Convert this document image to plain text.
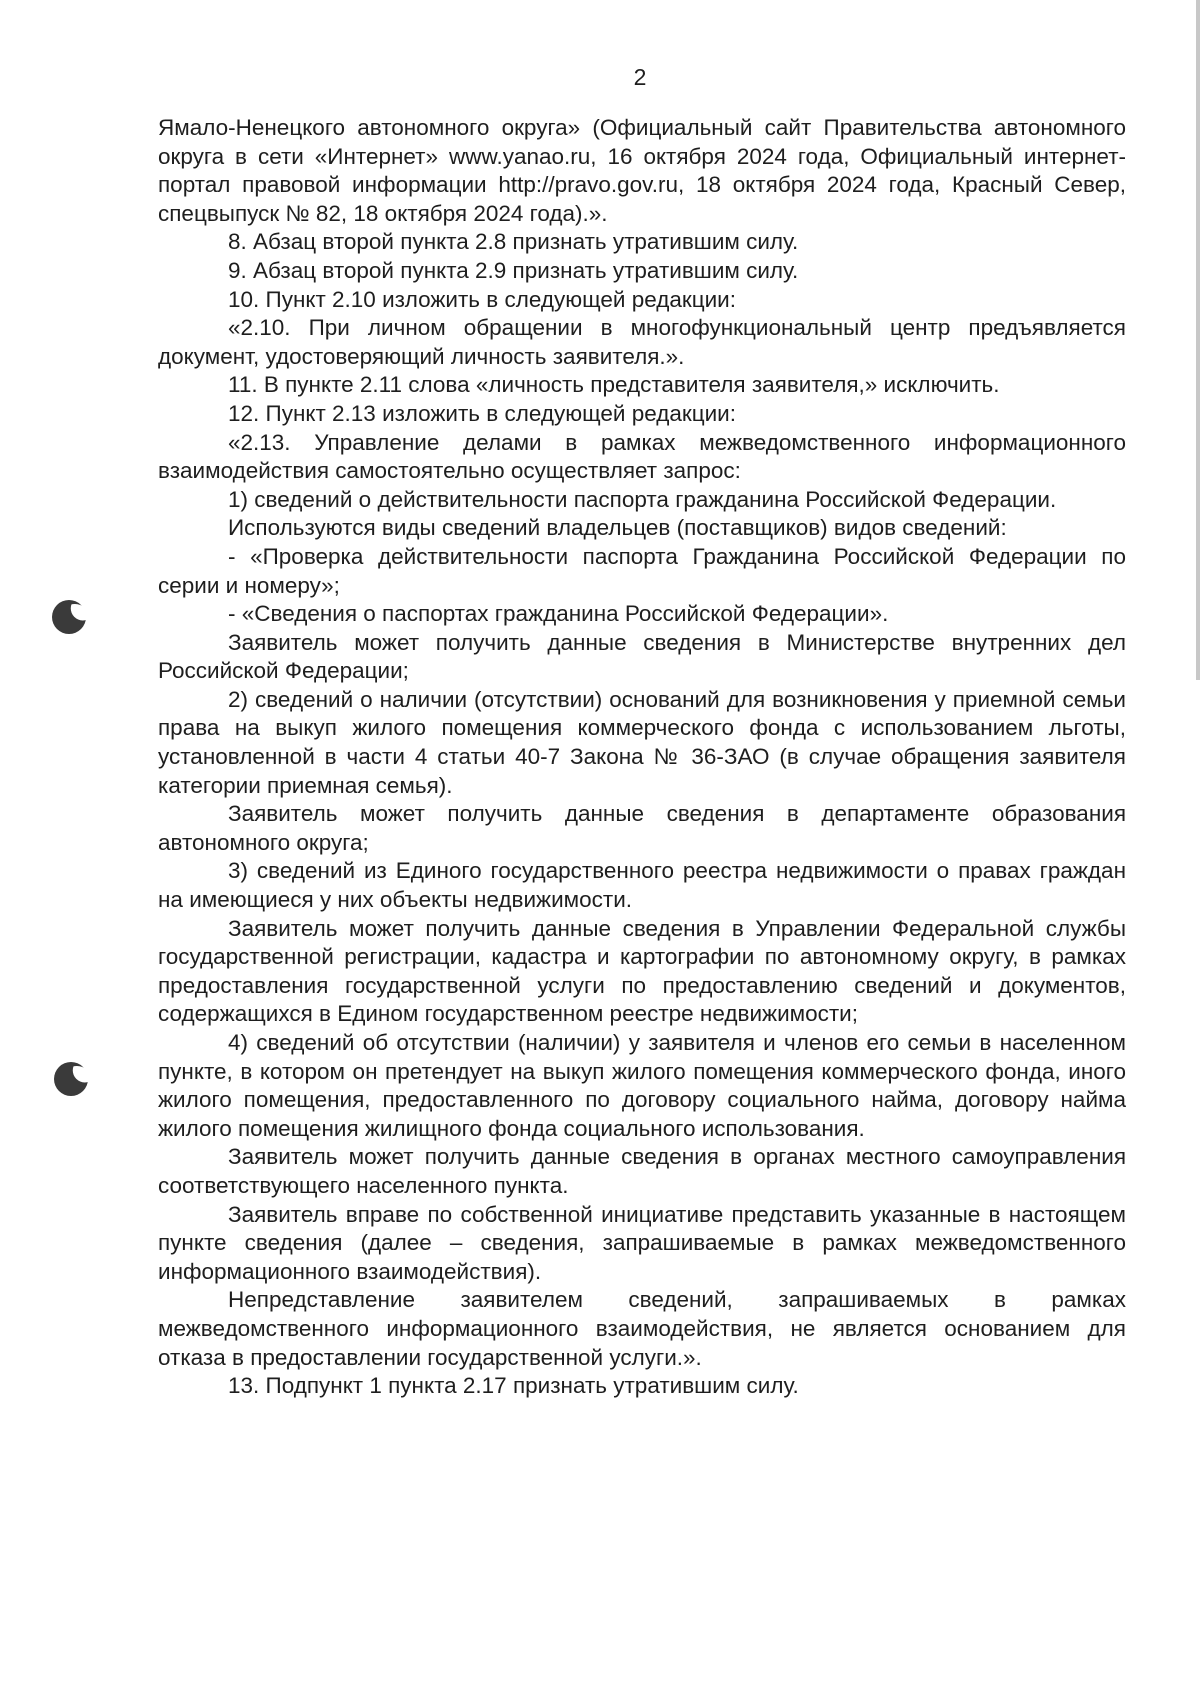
2

Ямало-Ненецкого автономного округа» (Официальный сайт Правительства автономного округа в сети «Интернет» www.yanao.ru, 16 октября 2024 года, Официальный интернет-портал правовой информации http://pravo.gov.ru, 18 октября 2024 года, Красный Север, спецвыпуск № 82, 18 октября 2024 года).».

8. Абзац второй пункта 2.8 признать утратившим силу.

9. Абзац второй пункта 2.9 признать утратившим силу.

10. Пункт 2.10 изложить в следующей редакции:

«2.10. При личном обращении в многофункциональный центр предъявляется документ, удостоверяющий личность заявителя.».

11. В пункте 2.11 слова «личность представителя заявителя,» исключить.

12. Пункт 2.13 изложить в следующей редакции:

«2.13. Управление делами в рамках межведомственного информационного взаимодействия самостоятельно осуществляет запрос:

1) сведений о действительности паспорта гражданина Российской Федерации.

Используются виды сведений владельцев (поставщиков) видов сведений:

- «Проверка действительности паспорта Гражданина Российской Федерации по серии и номеру»;

- «Сведения о паспортах гражданина Российской Федерации».

Заявитель может получить данные сведения в Министерстве внутренних дел Российской Федерации;

2) сведений о наличии (отсутствии) оснований для возникновения у приемной семьи права на выкуп жилого помещения коммерческого фонда с использованием льготы, установленной в части 4 статьи 40-7 Закона № 36-ЗАО (в случае обращения заявителя категории приемная семья).

Заявитель может получить данные сведения в департаменте образования автономного округа;

3) сведений из Единого государственного реестра недвижимости о правах граждан на имеющиеся у них объекты недвижимости.

Заявитель может получить данные сведения в Управлении Федеральной службы государственной регистрации, кадастра и картографии по автономному округу, в рамках предоставления государственной услуги по предоставлению сведений и документов, содержащихся в Едином государственном реестре недвижимости;

4) сведений об отсутствии (наличии) у заявителя и членов его семьи в населенном пункте, в котором он претендует на выкуп жилого помещения коммерческого фонда, иного жилого помещения, предоставленного по договору социального найма, договору найма жилого помещения жилищного фонда социального использования.

Заявитель может получить данные сведения в органах местного самоуправления соответствующего населенного пункта.

Заявитель вправе по собственной инициативе представить указанные в настоящем пункте сведения (далее – сведения, запрашиваемые в рамках межведомственного информационного взаимодействия).

Непредставление заявителем сведений, запрашиваемых в рамках межведомственного информационного взаимодействия, не является основанием для отказа в предоставлении государственной услуги.».

13. Подпункт 1 пункта 2.17 признать утратившим силу.
